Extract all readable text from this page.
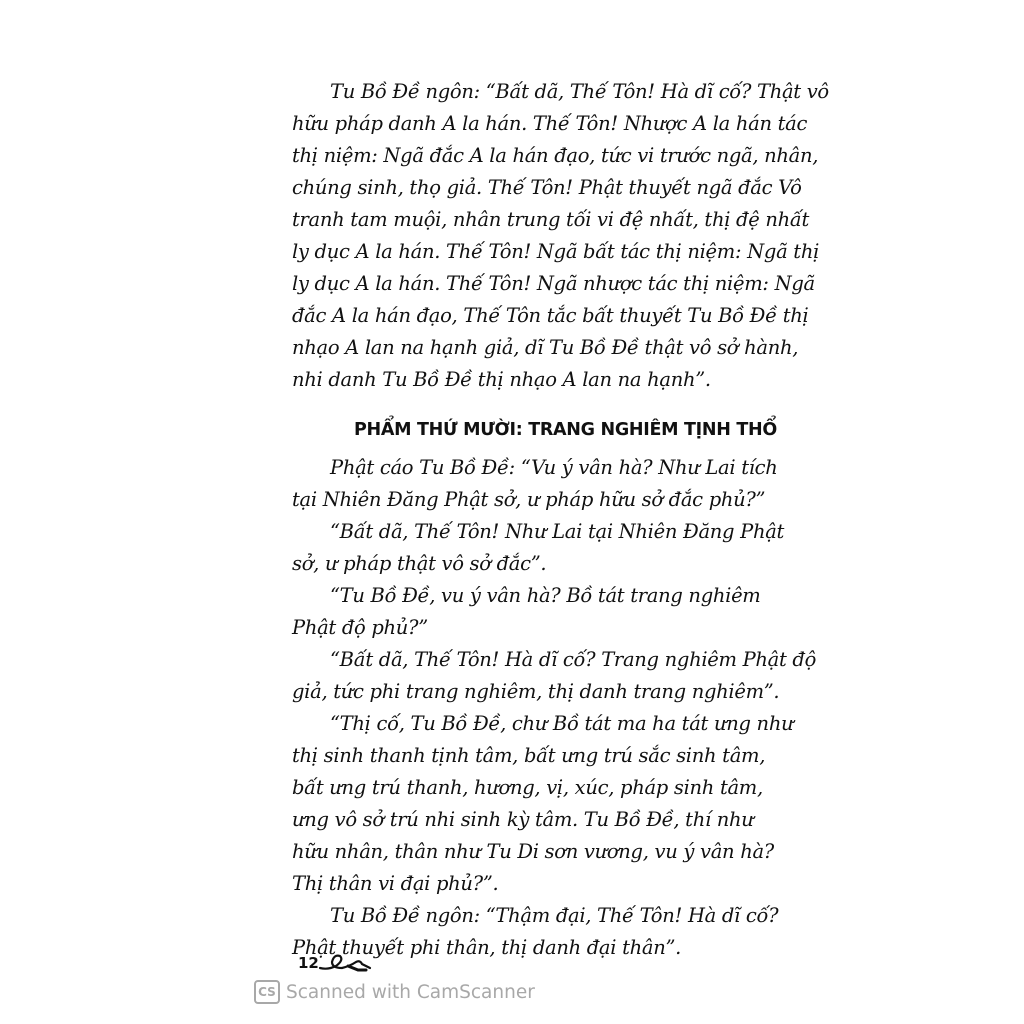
Tu Bồ Đề ngôn: “Bất dã, Thế Tôn! Hà dĩ cố? Thật vô
hữu pháp danh A la hán. Thế Tôn! Nhược A la hán tác
thị niệm: Ngã đắc A la hán đạo, tức vi trước ngã, nhân,
chúng sinh, thọ giả. Thế Tôn! Phật thuyết ngã đắc Vô
tranh tam muội, nhân trung tối vi đệ nhất, thị đệ nhất
ly dục A la hán. Thế Tôn! Ngã bất tác thị niệm: Ngã thị
ly dục A la hán. Thế Tôn! Ngã nhược tác thị niệm: Ngã
đắc A la hán đạo, Thế Tôn tắc bất thuyết Tu Bồ Đề thị
nhạo A lan na hạnh giả, dĩ Tu Bồ Đề thật vô sở hành,
nhi danh Tu Bồ Đề thị nhạo A lan na hạnh”.
PHẨM THỨ MƯỜI: TRANG NGHIÊM TỊNH THỔ
Phật cáo Tu Bồ Đề: “Vu ý vân hà? Như Lai tích
tại Nhiên Đăng Phật sở, ư pháp hữu sở đắc phủ?”
“Bất dã, Thế Tôn! Như Lai tại Nhiên Đăng Phật
sở, ư pháp thật vô sở đắc”.
“Tu Bồ Đề, vu ý vân hà? Bồ tát trang nghiêm
Phật độ phủ?”
“Bất dã, Thế Tôn! Hà dĩ cố? Trang nghiêm Phật độ
giả, tức phi trang nghiêm, thị danh trang nghiêm”.
“Thị cố, Tu Bồ Đề, chư Bồ tát ma ha tát ưng như
thị sinh thanh tịnh tâm, bất ưng trú sắc sinh tâm,
bất ưng trú thanh, hương, vị, xúc, pháp sinh tâm,
ưng vô sở trú nhi sinh kỳ tâm. Tu Bồ Đề, thí như
hữu nhân, thân như Tu Di sơn vương, vu ý vân hà?
Thị thân vi đại phủ?”.
Tu Bồ Đề ngôn: “Thậm đại, Thế Tôn! Hà dĩ cố?
Phật thuyết phi thân, thị danh đại thân”.
12
CS Scanned with CamScanner
